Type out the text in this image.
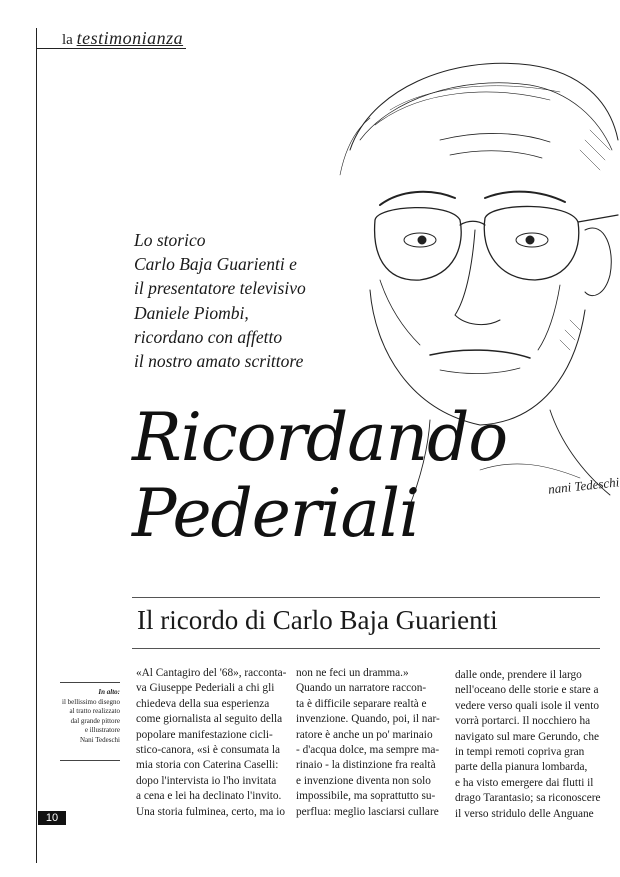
la testimonianza
Lo storico
Carlo Baja Guarienti e
il presentatore televisivo
Daniele Piombi,
ricordano con affetto
il nostro amato scrittore
Ricordando
Pederiali	nani Tedeschi
Il ricordo di Carlo Baja Guarienti
In alto:
il bellissimo disegno
al tratto realizzato
dal grande pittore
e illustratore
Nani Tedeschi
«Al Cantagiro del '68», racconta-
va Giuseppe Pederiali a chi gli
chiedeva della sua esperienza
come giornalista al seguito della
popolare manifestazione cicli-
stico-canora, «si è consumata la
mia storia con Caterina Caselli:
dopo l'intervista io l'ho invitata
a cena e lei ha declinato l'invito.
Una storia fulminea, certo, ma io
non ne feci un dramma.»
Quando un narratore raccon-
ta è difficile separare realtà e
invenzione. Quando, poi, il nar-
ratore è anche un po' marinaio
- d'acqua dolce, ma sempre ma-
rinaio - la distinzione fra realtà
e invenzione diventa non solo
impossibile, ma soprattutto su-
perflua: meglio lasciarsi cullare
dalle onde, prendere il largo
nell'oceano delle storie e stare a
vedere verso quali isole il vento
vorrà portarci. Il nocchiero ha
navigato sul mare Gerundo, che
in tempi remoti copriva gran
parte della pianura lombarda,
e ha visto emergere dai flutti il
drago Tarantasio; sa riconoscere
il verso stridulo delle Anguane
10
